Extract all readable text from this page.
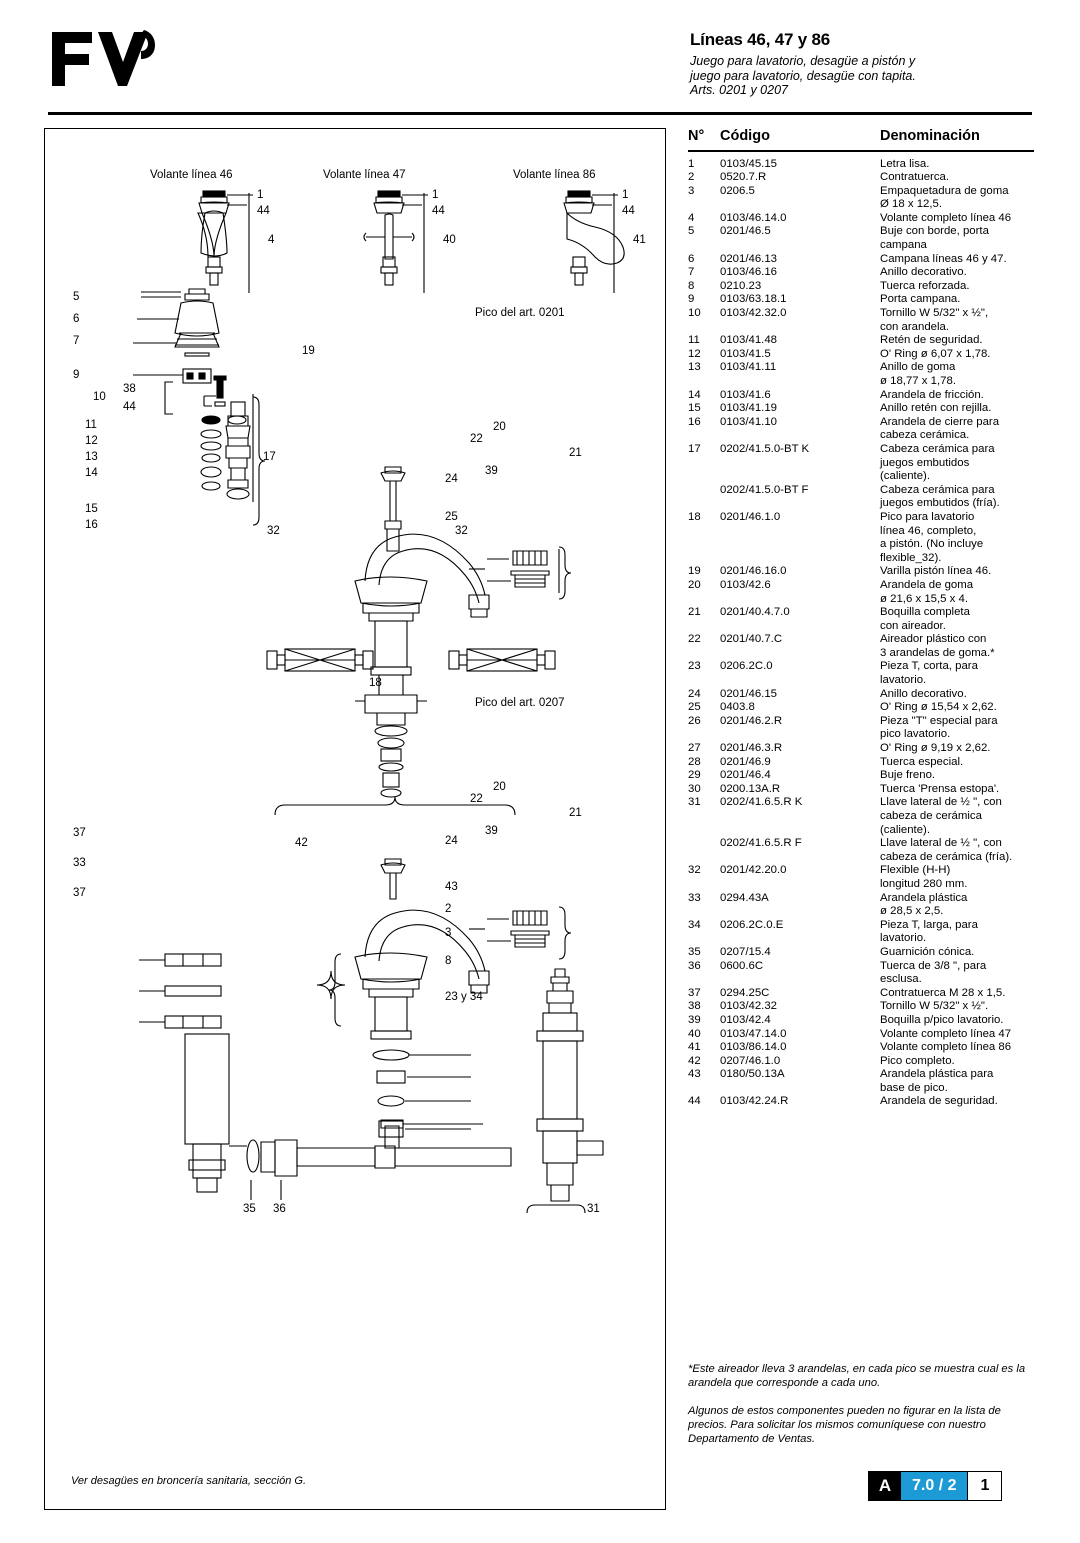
Líneas 46, 47 y 86
Juego para lavatorio, desagüe a pistón y
juego para lavatorio, desagüe con tapita.
Arts. 0201 y 0207
Volante línea 46	Volante línea 47	Volante línea 86
Pico del art. 0201
Pico del art. 0207
1
44
4
1
44
40
1
44
41
5
6
7
9
10
38
44
11
12
13
14
15
16
17
19
22
20
21
39
24
25
32	32
18
22
20
21
39
42	24
43
2
3
8
23 y 34
37
33
37
35 36	31
Ver desagües en broncería sanitaria, sección G.
N°	Código	Denominación
1	0103/45.15	Letra lisa.
2	0520.7.R	Contratuerca.
3	0206.5	Empaquetadura de goma
Ø 18 x 12,5.
4	0103/46.14.0	Volante completo línea 46
5	0201/46.5	Buje con borde, porta
campana
6	0201/46.13	Campana líneas 46 y 47.
7	0103/46.16	Anillo decorativo.
8	0210.23	Tuerca reforzada.
9	0103/63.18.1	Porta campana.
10	0103/42.32.0	Tornillo W 5/32" x ½",
con arandela.
11	0103/41.48	Retén de seguridad.
12	0103/41.5	O' Ring ø 6,07 x 1,78.
13	0103/41.11	Anillo de goma
ø 18,77 x 1,78.
14	0103/41.6	Arandela de fricción.
15	0103/41.19	Anillo retén con rejilla.
16	0103/41.10	Arandela de cierre para
cabeza cerámica.
17	0202/41.5.0-BT K	Cabeza cerámica para
juegos embutidos
(caliente).
0202/41.5.0-BT F	Cabeza cerámica para
juegos embutidos (fría).
18	0201/46.1.0	Pico para lavatorio
línea 46, completo,
a pistón. (No incluye
flexible_32).
19	0201/46.16.0	Varilla pistón línea 46.
20	0103/42.6	Arandela de goma
ø 21,6 x 15,5 x 4.
21	0201/40.4.7.0	Boquilla completa
con aireador.
22	0201/40.7.C	Aireador plástico con
3 arandelas de goma.*
23	0206.2C.0	Pieza T, corta, para
lavatorio.
24	0201/46.15	Anillo decorativo.
25	0403.8	O' Ring ø 15,54 x 2,62.
26	0201/46.2.R	Pieza "T" especial para
pico lavatorio.
27	0201/46.3.R	O' Ring ø 9,19 x 2,62.
28	0201/46.9	Tuerca especial.
29	0201/46.4	Buje freno.
30	0200.13A.R	Tuerca 'Prensa estopa'.
31	0202/41.6.5.R K	Llave lateral de ½ ", con
cabeza de cerámica
(caliente).
0202/41.6.5.R F	Llave lateral de ½ ", con
cabeza de cerámica (fría).
32	0201/42.20.0	Flexible (H-H)
longitud 280 mm.
33	0294.43A	Arandela plástica
ø 28,5 x 2,5.
34	0206.2C.0.E	Pieza T, larga, para
lavatorio.
35	0207/15.4	Guarnición cónica.
36	0600.6C	Tuerca de 3/8 ", para
esclusa.
37	0294.25C	Contratuerca M 28 x 1,5.
38	0103/42.32	Tornillo W 5/32" x ½".
39	0103/42.4	Boquilla p/pico lavatorio.
40	0103/47.14.0	Volante completo línea 47
41	0103/86.14.0	Volante completo línea 86
42	0207/46.1.0	Pico completo.
43	0180/50.13A	Arandela plástica para
base de pico.
44	0103/42.24.R	Arandela de seguridad.

*Este aireador lleva 3 arandelas, en cada pico se muestra cual es la arandela que corresponde a cada uno.

Algunos de estos componentes pueden no figurar en la lista de precios. Para solicitar los mismos comuníquese con nuestro Departamento de Ventas.

A	7.0 / 2	1
